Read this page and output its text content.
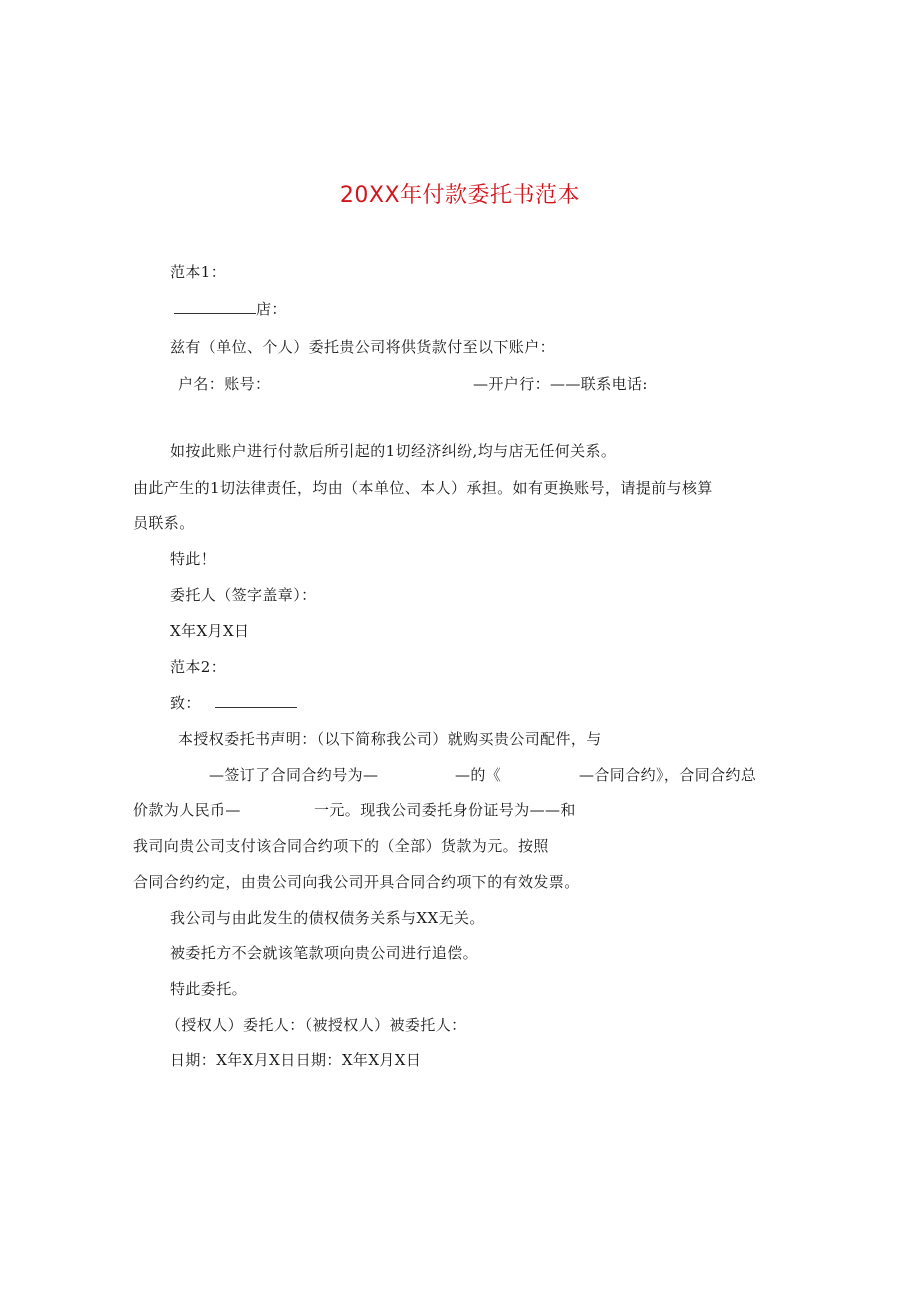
20XX年付款委托书范本
范本1：
店：
兹有（单位、个人）委托贵公司将供货款付至以下账户：
户名：账号：	—开户行：——联系电话:
如按此账户进行付款后所引起的1切经济纠纷,均与店无任何关系。
由此产生的1切法律责任，均由（本单位、本人）承担。如有更换账号，请提前与核算
员联系。
特此！
委托人（签字盖章）：
X年X月X日
范本2：
致：
本授权委托书声明：（以下简称我公司）就购买贵公司配件，与
—签订了合同合约号为—	—的《	—合同合约》，合同合约总
价款为人民币—	一元。现我公司委托身份证号为——和
我司向贵公司支付该合同合约项下的（全部）货款为元。按照
合同合约约定，由贵公司向我公司开具合同合约项下的有效发票。
我公司与由此发生的债权债务关系与XX无关。
被委托方不会就该笔款项向贵公司进行追偿。
特此委托。
（授权人）委托人：（被授权人）被委托人：
日期：X年X月X日日期：X年X月X日
